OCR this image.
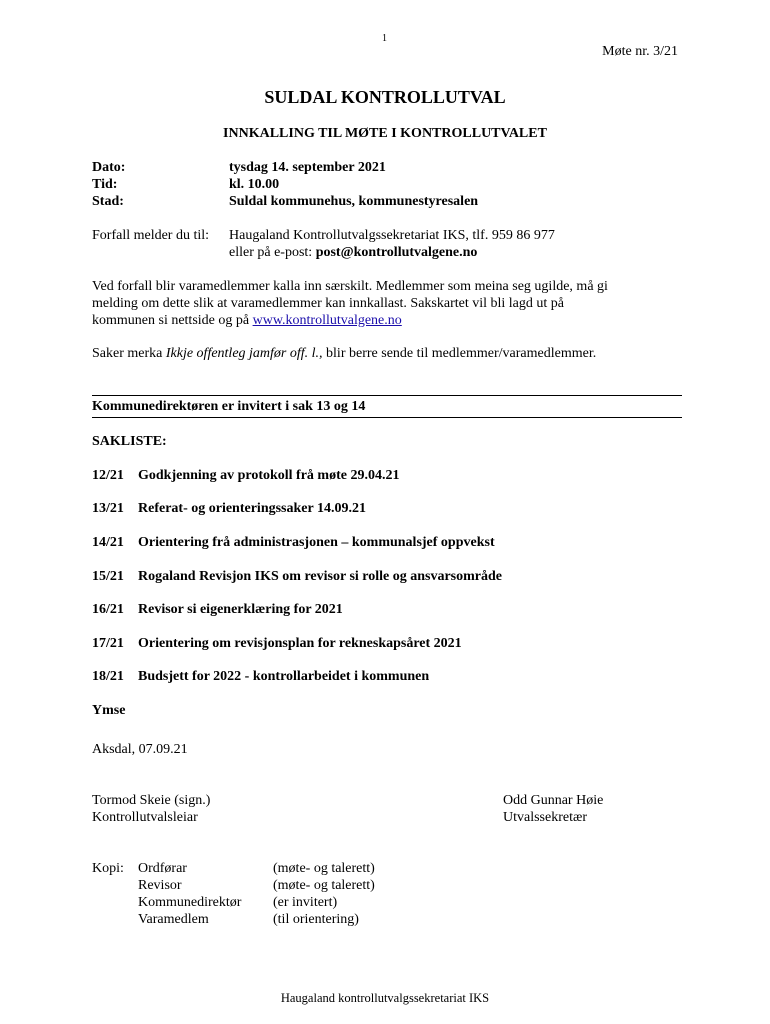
1
Møte nr. 3/21
SULDAL KONTROLLUTVAL
INNKALLING TIL MØTE I KONTROLLUTVALET
Dato:	tysdag 14. september 2021
Tid:	kl. 10.00
Stad:	Suldal kommunehus, kommunestyresalen
Forfall melder du til: Haugaland Kontrollutvalgssekretariat IKS, tlf. 959 86 977
eller på e-post: post@kontrollutvalgene.no
Ved forfall blir varamedlemmer kalla inn særskilt. Medlemmer som meina seg ugilde, må gi
melding om dette slik at varamedlemmer kan innkallast. Sakskartet vil bli lagd ut på
kommunen si nettside og på www.kontrollutvalgene.no
Saker merka Ikkje offentleg jamfør off. l., blir berre sende til medlemmer/varamedlemmer.
Kommunedirektøren er invitert i sak 13 og 14
SAKLISTE:
12/21 Godkjenning av protokoll frå møte 29.04.21
13/21 Referat- og orienteringssaker 14.09.21
14/21 Orientering frå administrasjonen – kommunalsjef oppvekst
15/21 Rogaland Revisjon IKS om revisor si rolle og ansvarsområde
16/21 Revisor si eigenerklæring for 2021
17/21 Orientering om revisjonsplan for rekneskapsåret 2021
18/21 Budsjett for 2022 - kontrollarbeidet i kommunen
Ymse
Aksdal, 07.09.21
Tormod Skeie (sign.)
Kontrollutvalsleiar
Odd Gunnar Høie
Utvalssekretær
Kopi: Ordførar	(møte- og talerett)
Revisor	(møte- og talerett)
Kommunedirektør (er invitert)
Varamedlem	(til orientering)
Haugaland kontrollutvalgssekretariat IKS
